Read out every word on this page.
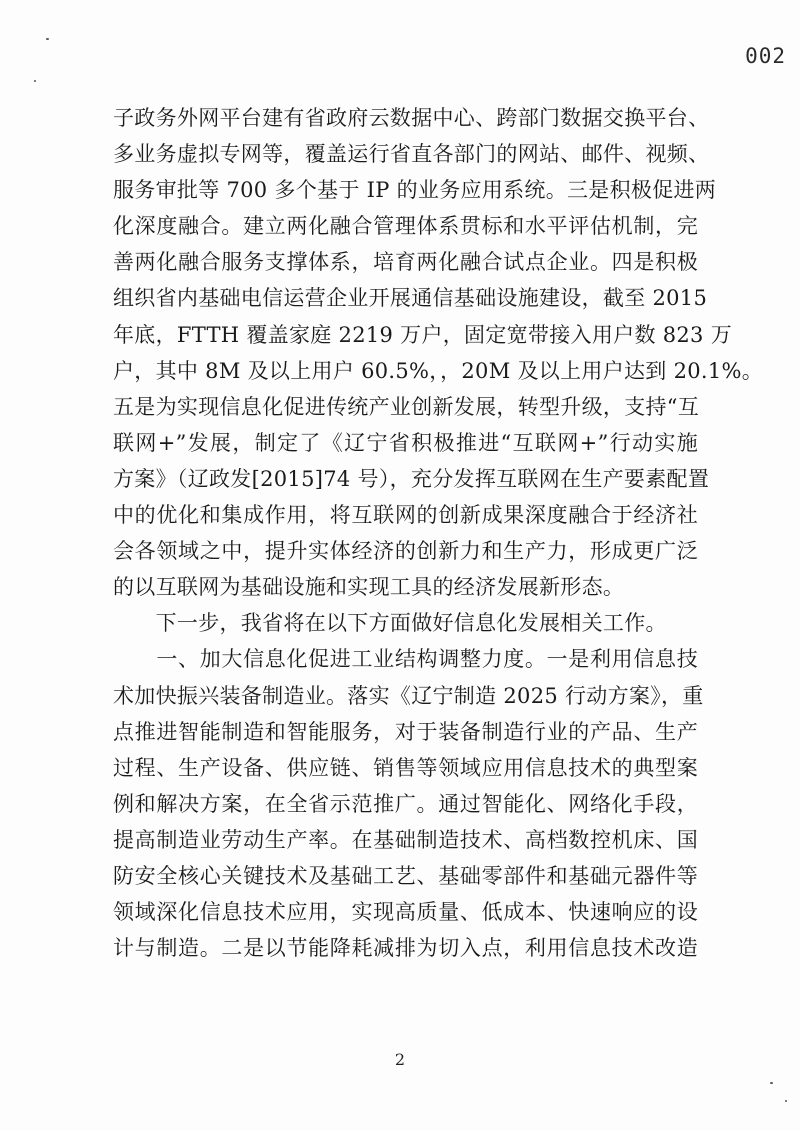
002
子政务外网平台建有省政府云数据中心、跨部门数据交换平台、
多业务虚拟专网等，覆盖运行省直各部门的网站、邮件、视频、
服务审批等 700 多个基于 IP 的业务应用系统。三是积极促进两
化深度融合。建立两化融合管理体系贯标和水平评估机制，完
善两化融合服务支撑体系，培育两化融合试点企业。四是积极
组织省内基础电信运营企业开展通信基础设施建设，截至 2015
年底，FTTH 覆盖家庭 2219 万户，固定宽带接入用户数 823 万
户，其中 8M 及以上用户 60.5%，，20M 及以上用户达到 20.1%。
五是为实现信息化促进传统产业创新发展，转型升级，支持“互
联网+”发展，制定了《辽宁省积极推进“互联网+”行动实施
方案》（辽政发[2015]74 号），充分发挥互联网在生产要素配置
中的优化和集成作用，将互联网的创新成果深度融合于经济社
会各领域之中，提升实体经济的创新力和生产力，形成更广泛
的以互联网为基础设施和实现工具的经济发展新形态。
　　下一步，我省将在以下方面做好信息化发展相关工作。
　　一、加大信息化促进工业结构调整力度。一是利用信息技
术加快振兴装备制造业。落实《辽宁制造 2025 行动方案》，重
点推进智能制造和智能服务，对于装备制造行业的产品、生产
过程、生产设备、供应链、销售等领域应用信息技术的典型案
例和解决方案，在全省示范推广。通过智能化、网络化手段，
提高制造业劳动生产率。在基础制造技术、高档数控机床、国
防安全核心关键技术及基础工艺、基础零部件和基础元器件等
领域深化信息技术应用，实现高质量、低成本、快速响应的设
计与制造。二是以节能降耗减排为切入点，利用信息技术改造
2
